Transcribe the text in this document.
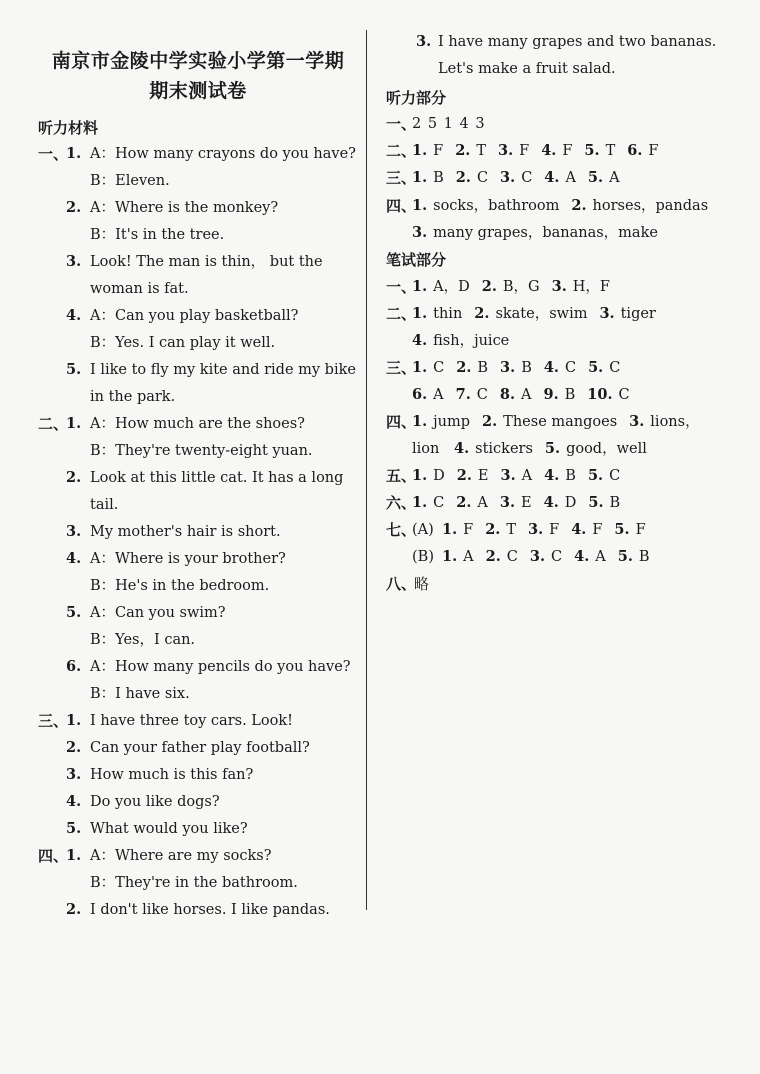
南京市金陵中学实验小学第一学期
期末测试卷
听力材料
一、
1. A：How many crayons do you have?
B：Eleven.
2. A：Where is the monkey?
B：It's in the tree.
3. Look! The man is thin， but the
woman is fat.
4. A：Can you play basketball?
B：Yes. I can play it well.
5. I like to fly my kite and ride my bike
in the park.
二、
1. A：How much are the shoes?
B：They're twenty-eight yuan.
2. Look at this little cat. It has a long
tail.
3. My mother's hair is short.
4. A：Where is your brother?
B：He's in the bedroom.
5. A：Can you swim?
B：Yes，I can.
6. A：How many pencils do you have?
B：I have six.
三、
1. I have three toy cars. Look!
2. Can your father play football?
3. How much is this fan?
4. Do you like dogs?
5. What would you like?
四、
1. A：Where are my socks?
B：They're in the bathroom.
2. I don't like horses. I like pandas.
3. I have many grapes and two bananas.
Let's make a fruit salad.
听力部分
一、
2 5 1 4 3
二、
1. F 2. T 3. F 4. F 5. T 6. F
三、
1. B 2. C 3. C 4. A 5. A
四、
1. socks，bathroom 2. horses，pandas
3. many grapes，bananas，make
笔试部分
一、
1. A，D 2. B，G 3. H，F
二、
1. thin 2. skate，swim 3. tiger
4. fish，juice
三、
1. C 2. B 3. B 4. C 5. C
6. A 7. C 8. A 9. B 10. C
四、
1. jump 2. These mangoes 3. lions，
lion 4. stickers 5. good，well
五、
1. D 2. E 3. A 4. B 5. C
六、
1. C 2. A 3. E 4. D 5. B
七、
(A) 1. F 2. T 3. F 4. F 5. F
(B) 1. A 2. C 3. C 4. A 5. B
八、
略
